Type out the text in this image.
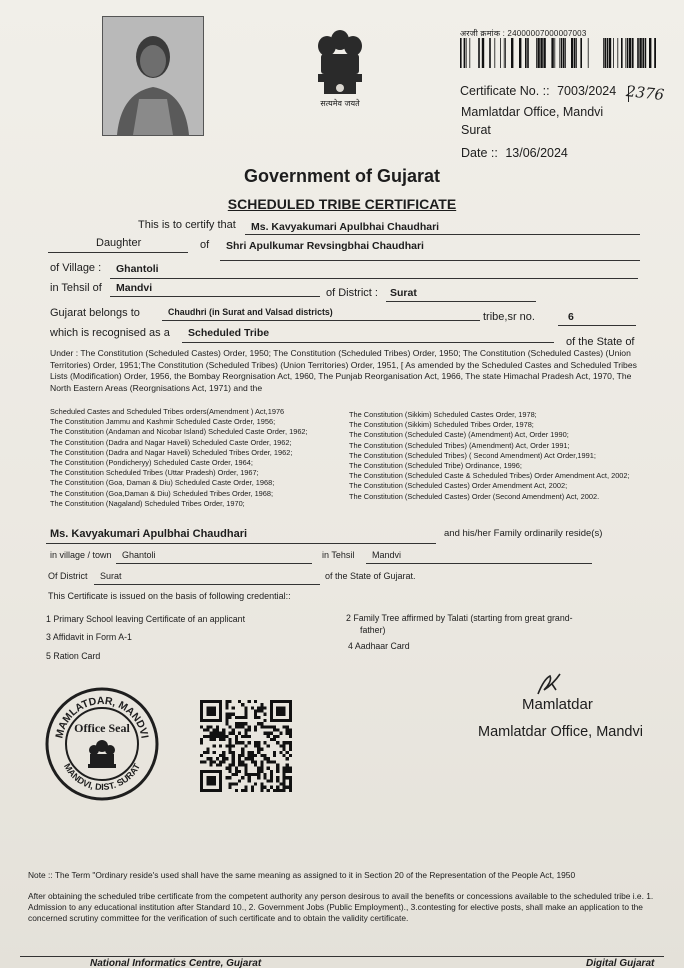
सत्यमेव जयते
अरजी क्रमांक : 24000007000007003
Certificate No. :: 7003/2024 2376
Mamlatdar Office, Mandvi
Surat
Date :: 13/06/2024
Government of Gujarat
SCHEDULED TRIBE CERTIFICATE
This is to certify that Ms. Kavyakumari Apulbhai Chaudhari
Daughter	of Shri Apulkumar Revsingbhai Chaudhari
of Village : Ghantoli
in Tehsil of Mandvi	of District : Surat
Gujarat belongs to	Chaudhri (in Surat and Valsad districts)	tribe,sr no.	6
which is recognised as a Scheduled Tribe
of the State of
Under : The Constitution (Scheduled Castes) Order, 1950; The Constitution (Scheduled Tribes) Order, 1950; The Constitution (Scheduled Castes) (Union Territories) Order, 1951;The Constitution (Scheduled Tribes) (Union Territories) Order, 1951, [ As amended by the Scheduled Castes and Scheduled Tribes Lists (Modification) Order, 1956, the Bombay Reorgnisation Act, 1960, The Punjab Reorganisation Act, 1966, The state Himachal Pradesh Act, 1970, The North Eastern Areas (Reorgnisations Act, 1971) and the
Scheduled Castes and Scheduled Tribes orders(Amendment ) Act,1976
The Constitution Jammu and Kashmir Scheduled Caste Order, 1956;
The Constitution (Andaman and Nicobar Island) Scheduled Caste Order, 1962;
The Constitution (Dadra and Nagar Haveli) Scheduled Caste Order, 1962;
The Constitution (Dadra and Nagar Haveli) Scheduled Tribes Order, 1962;
The Constitution (Pondicheryy) Scheduled Caste Order, 1964;
The Constitution Scheduled Tribes (Uttar Pradesh) Order, 1967;
The Constitution (Goa, Daman & Diu) Scheduled Caste Order, 1968;
The Constitution (Goa,Daman & Diu) Scheduled Tribes Order, 1968;
The Constitution (Nagaland) Scheduled Tribes Order, 1970;
The Constitution (Sikkim) Scheduled Castes Order, 1978;
The Constitution (Sikkim) Scheduled Tribes Order, 1978;
The Constitution (Scheduled Caste) (Amendment) Act, Order 1990;
The Constitution (Scheduled Tribes) (Amendment) Act, Order 1991;
The Constitution (Scheduled Tribes) ( Second Amendment) Act Order,1991;
The Constitution (Scheduled Tribe) Ordinance, 1996;
The Constitution (Scheduled Caste & Scheduled Tribes) Order Amendment Act, 2002;
The Constitution (Scheduled Castes) Order Amendment Act, 2002;
The Constitution (Scheduled Castes) Order (Second Amendment) Act, 2002.
Ms. Kavyakumari Apulbhai Chaudhari	and his/her Family ordinarily reside(s)
in village / town Ghantoli	in Tehsil Mandvi
Of District Surat	of the State of Gujarat.
This Certificate is issued on the basis of following credential::
1 Primary School leaving Certificate of an applicant	2 Family Tree affirmed by Talati (starting from great grand-
father)
3 Affidavit in Form A-1
4 Aadhaar Card
5 Ration Card
MAMLATDAR, MANDVI
MANDVI, DIST. SURAT
Office Seal
Mamlatdar
Mamlatdar Office, Mandvi
Note :: The Term "Ordinary reside's used shall have the same meaning as assigned to it in Section 20 of the Representation of the People Act, 1950
After obtaining the scheduled tribe certificate from the competent authority any person desirous to avail the benefits or concessions available to the scheduled tribe i.e. 1. Admission to any educational institution after Standard 10., 2. Government Jobs (Public Employment)., 3.contesting for elective posts, shall make an application to the concerned scrutiny committee for the verification of such certificate and to obtain the validity certificate.
National Informatics Centre, Gujarat	Digital Gujarat
